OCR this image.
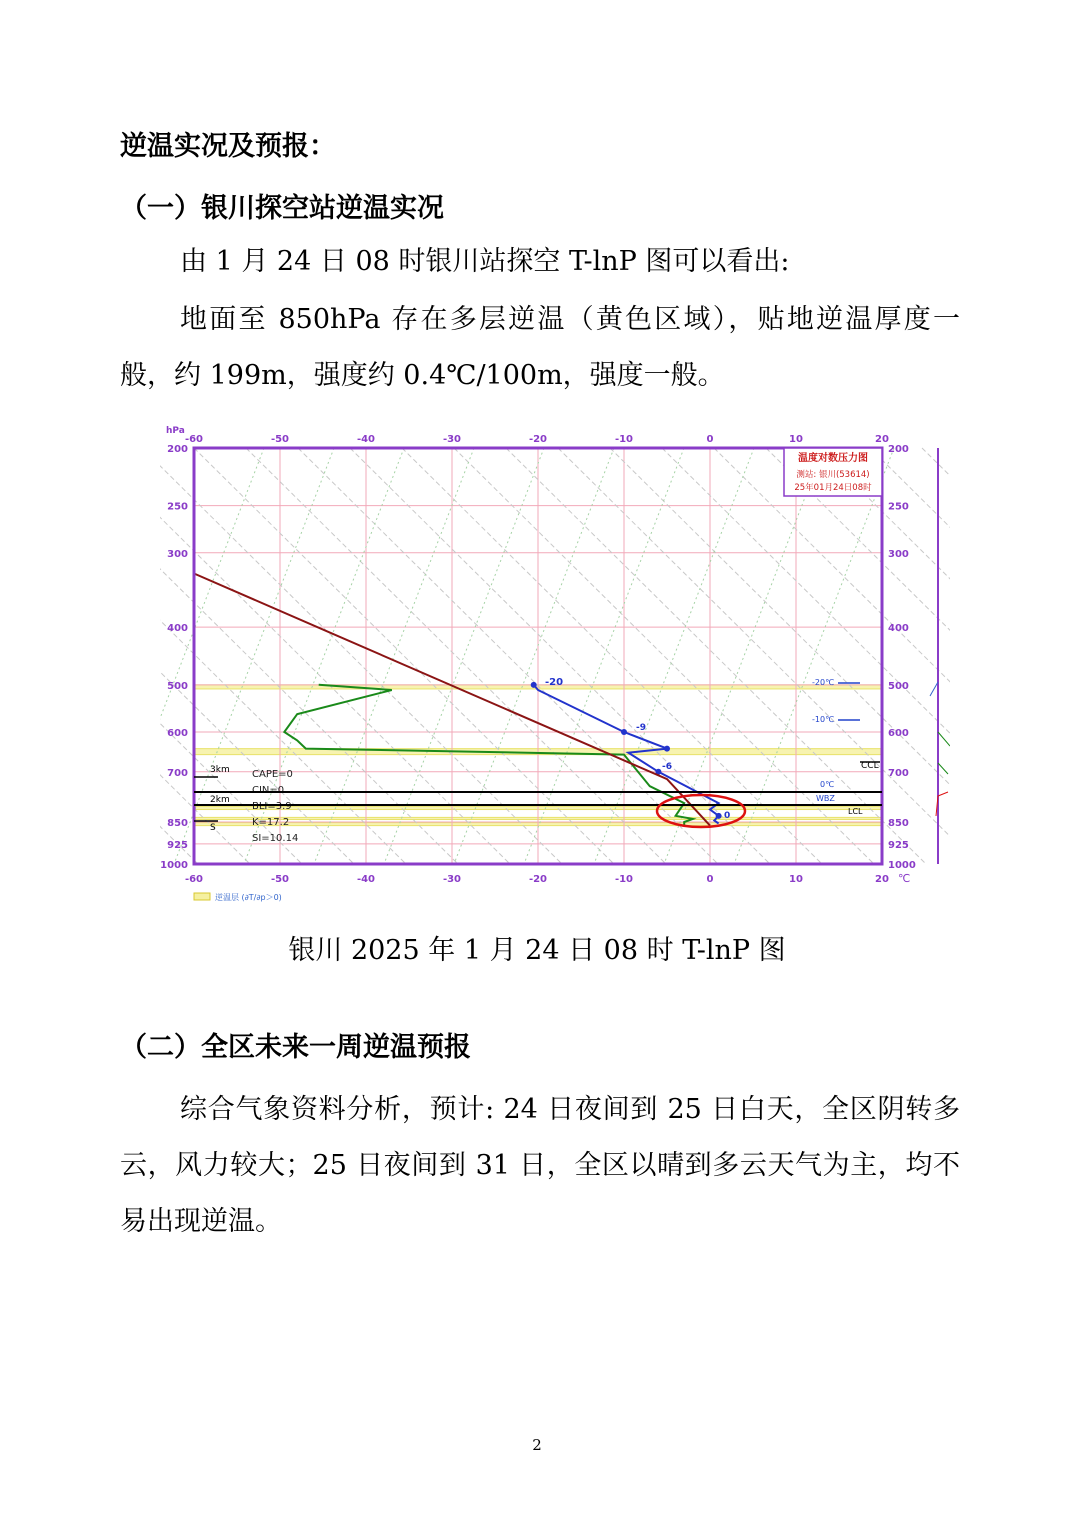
逆温实况及预报：
（一）银川探空站逆温实况
由 1 月 24 日 08 时银川站探空 T-lnP 图可以看出:
地面至 850hPa 存在多层逆温（黄色区域），贴地逆温厚度一般，约 199m，强度约 0.4℃/100m，强度一般。
-60
-60
-50
-50
-40
-40
-30
-30
-20
-20
-10
-10
0
0
10
10
20
20
200	200
250	250
300	300
400	400
500	500
600	600
700	700
850	850
925	925
1000	1000
hPa
℃
温度对数压力图
测站: 银川(53614)
25年01月24日08时
CAPE=0
CIN=0
BLI=3.9
K=17.2
SI=10.14
3km
2km
S
CCL
0℃
WBZ
LCL
-20℃
-10℃
-20
-9
-6
0
逆温层 (∂T/∂p＞0)
银川 2025 年 1 月 24 日 08 时 T-lnP 图
（二）全区未来一周逆温预报
综合气象资料分析，预计: 24 日夜间到 25 日白天，全区阴转多云，风力较大；25 日夜间到 31 日，全区以晴到多云天气为主，均不易出现逆温。
2
